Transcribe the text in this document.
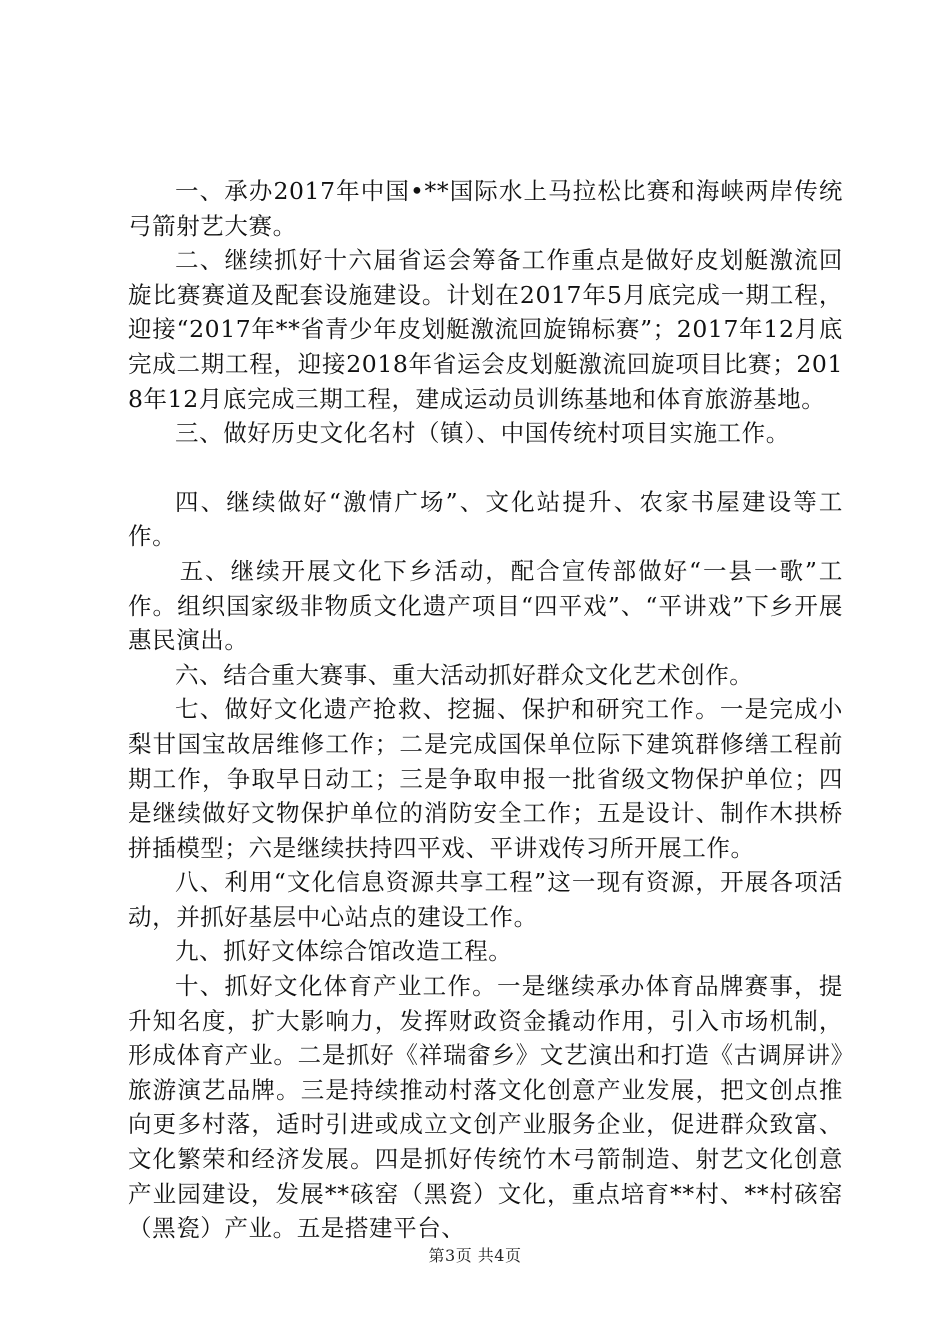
一、承办2017年中国•**国际水上马拉松比赛和海峡两岸传统弓箭射艺大赛。

二、继续抓好十六届省运会筹备工作重点是做好皮划艇激流回旋比赛赛道及配套设施建设。计划在2017年5月底完成一期工程，迎接“2017年**省青少年皮划艇激流回旋锦标赛”；2017年12月底完成二期工程，迎接2018年省运会皮划艇激流回旋项目比赛；2018年12月底完成三期工程，建成运动员训练基地和体育旅游基地。

三、做好历史文化名村（镇）、中国传统村项目实施工作。

四、继续做好“激情广场”、文化站提升、农家书屋建设等工作。

五、继续开展文化下乡活动，配合宣传部做好“一县一歌”工作。组织国家级非物质文化遗产项目“四平戏”、“平讲戏”下乡开展惠民演出。

六、结合重大赛事、重大活动抓好群众文化艺术创作。

七、做好文化遗产抢救、挖掘、保护和研究工作。一是完成小梨甘国宝故居维修工作；二是完成国保单位际下建筑群修缮工程前期工作，争取早日动工；三是争取申报一批省级文物保护单位；四是继续做好文物保护单位的消防安全工作；五是设计、制作木拱桥拼插模型；六是继续扶持四平戏、平讲戏传习所开展工作。

八、利用“文化信息资源共享工程”这一现有资源，开展各项活动，并抓好基层中心站点的建设工作。

九、抓好文体综合馆改造工程。

十、抓好文化体育产业工作。一是继续承办体育品牌赛事，提升知名度，扩大影响力，发挥财政资金撬动作用，引入市场机制，形成体育产业。二是抓好《祥瑞畲乡》文艺演出和打造《古调屏讲》旅游演艺品牌。三是持续推动村落文化创意产业发展，把文创点推向更多村落，适时引进或成立文创产业服务企业，促进群众致富、文化繁荣和经济发展。四是抓好传统竹木弓箭制造、射艺文化创意产业园建设，发展**硋窑（黑瓷）文化，重点培育**村、**村硋窑（黑瓷）产业。五是搭建平台、

第3页 共4页
